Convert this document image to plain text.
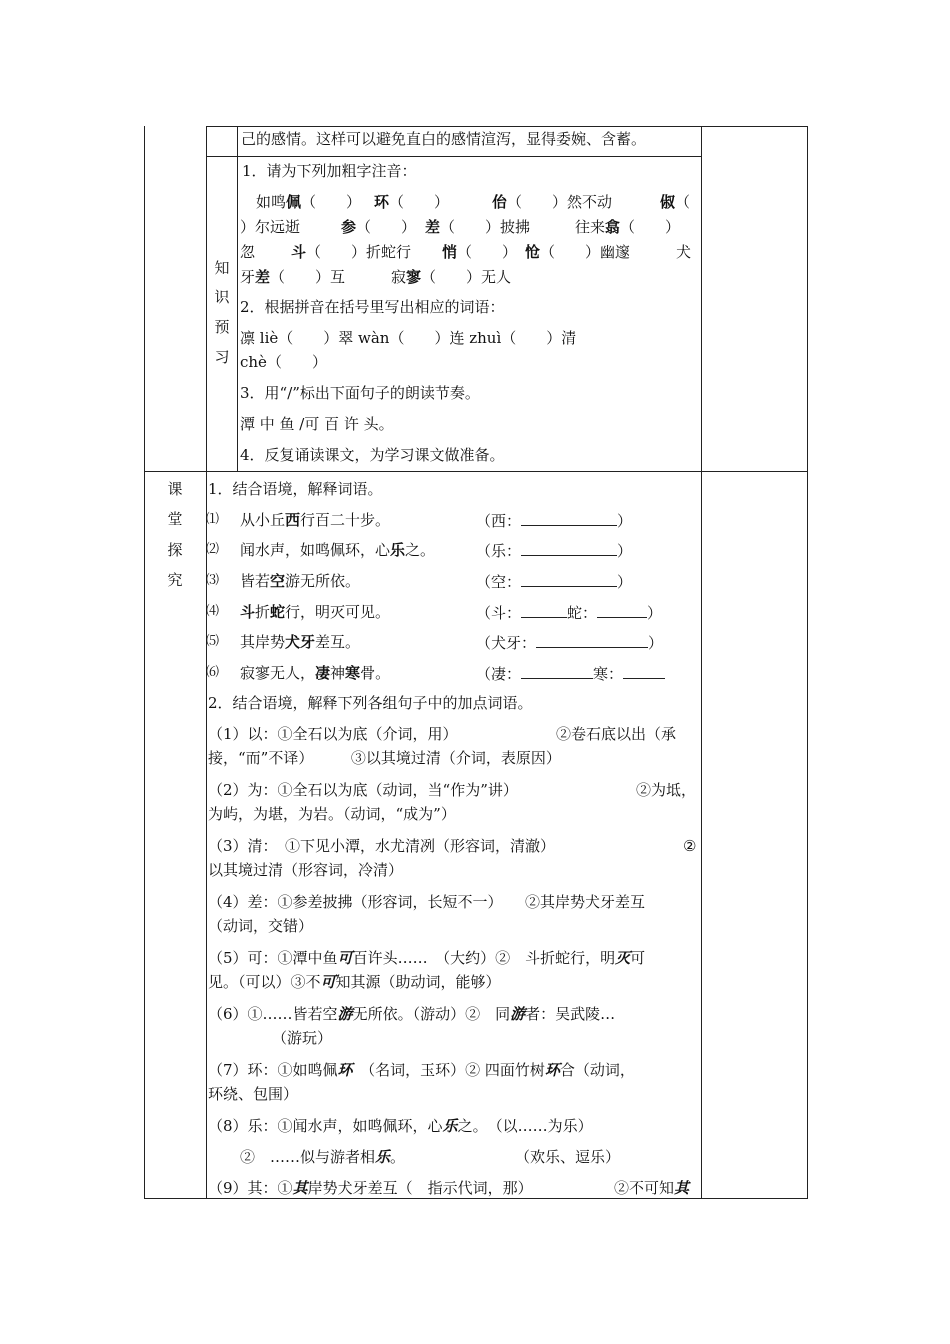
己的感情。这样可以避免直白的感情渲泻，显得委婉、含蓄。
知
识
预
习
1．请为下列加粗字注音：
如鸣佩（　　） 环（　　）	佁（　　）然不动	俶（
）尔远逝	参（　　） 差（　　）披拂	往来翕（　　）
忽 斗（　　）折蛇行 悄（　　） 怆（　　）幽邃	犬
牙差（　　）互	寂寥（　　）无人
2．根据拼音在括号里写出相应的词语：
凛 liè（　　）翠 wàn（　　）连 zhuì（　　）清
chè（　　）
3．用“/”标出下面句子的朗读节奏。
潭 中 鱼 /可 百 许 头。
4．反复诵读课文，为学习课文做准备。
课
堂
探
究
1．结合语境，解释词语。
⑴ 从小丘西行百二十步。	（西：	）
⑵ 闻水声，如鸣佩环，心乐之。	（乐：	）
⑶ 皆若空游无所依。	（空：	）
⑷ 斗折蛇行，明灭可见。	（斗：	蛇：	）
⑸ 其岸势犬牙差互。	（犬牙：	）
⑹ 寂寥无人，凄神寒骨。	（凄：	寒：
2．结合语境，解释下列各组句子中的加点词语。
（1）以：①全石以为底（介词，用）	②卷石底以出（承
接，“而”不译）　　　③以其境过清（介词，表原因）
（2）为：①全石以为底（动词，当“作为”讲）	②为坻，
为屿，为堪，为岩。（动词，“成为”）
（3）清：　①下见小潭，水尤清冽（形容词，清澈）	②
以其境过清（形容词，冷清）
（4）差：①参差披拂（形容词，长短不一）　　②其岸势犬牙差互
（动词，交错）
（5）可：①潭中鱼可百许头……　（大约）②　斗折蛇行，明灭可
见。（可以）③不可知其源（助动词，能够）
（6）①……皆若空游无所依。（游动）②　同游者：吴武陵…
（游玩）
（7）环：①如鸣佩环　（名词，玉环）② 四面竹树环合（动词，
环绕、包围）
（8）乐：①闻水声，如鸣佩环，心乐之。　（以……为乐）
②　……似与游者相乐。	（欢乐、逗乐）
（9）其：①其岸势犬牙差互（　指示代词，那）	②不可知其
